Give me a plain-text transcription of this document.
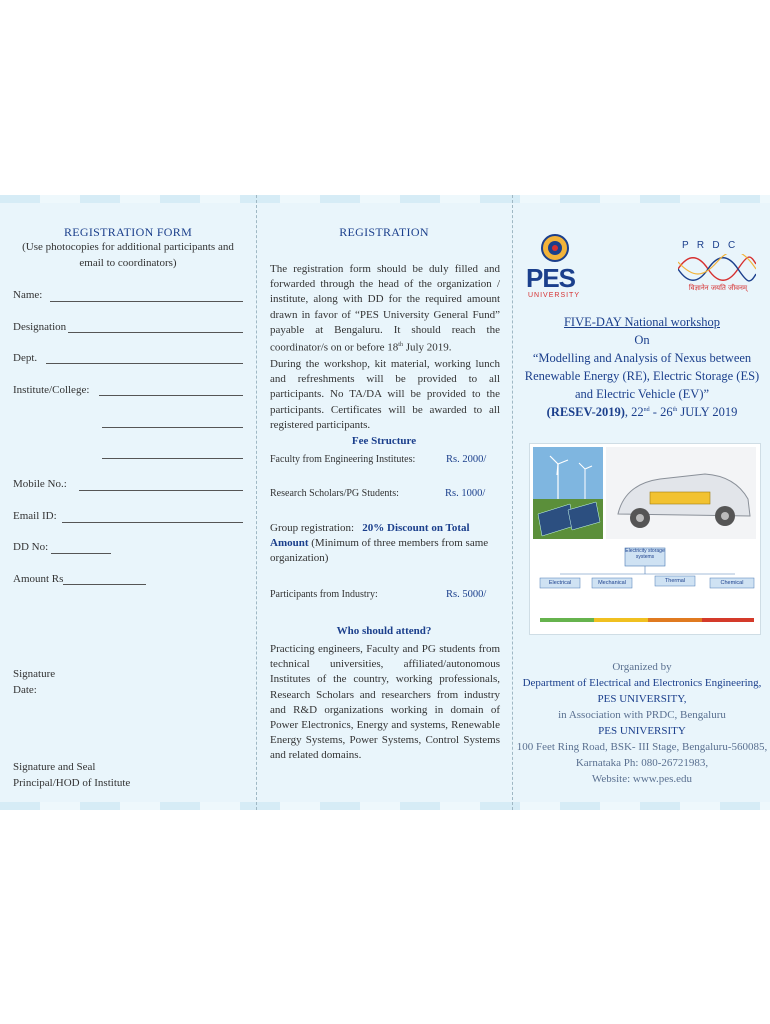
REGISTRATION FORM
(Use photocopies for additional participants and
email to coordinators)
Name:
Designation
Dept.
Institute/College:
Mobile No.:
Email ID:
DD No:
Amount Rs
Signature
Date:
Signature and Seal
Principal/HOD of Institute
REGISTRATION
The registration form should be duly filled and forwarded through the head of the organization / institute, along with DD for the required amount drawn in favor of “PES University General Fund” payable at Bengaluru. It should reach the coordinator/s on or before 18th July 2019.
During the workshop, kit material, working lunch and refreshments will be provided to all participants. No TA/DA will be provided to the participants. Certificates will be awarded to all registered participants.
Fee Structure
Faculty from Engineering Institutes:	Rs. 2000/
Research Scholars/PG Students:	Rs. 1000/
Group registration: 20% Discount on Total Amount (Minimum of three members from same organization)
Participants from Industry:	Rs. 5000/
Who should attend?
Practicing engineers, Faculty and PG students from technical universities, affiliated/autonomous Institutes of the country, working professionals, Research Scholars and researchers from industry and R&D organizations working in domain of Power Electronics, Energy and systems, Renewable Energy Systems, Power Systems, Control Systems and related domains.
PES
UNIVERSITY
P   R   D   C
विज्ञानेन जयति जीवनम्
FIVE-DAY National workshop
On
“Modelling and Analysis of Nexus between
Renewable Energy (RE), Electric Storage (ES)
and Electric Vehicle (EV)”
(RESEV-2019), 22nd - 26th JULY 2019
Electricity storage systems
Electrical	Mechanical	Thermal	Chemical
Organized by
Department of Electrical and Electronics Engineering,
PES UNIVERSITY,
in Association with PRDC, Bengaluru
PES UNIVERSITY
100 Feet Ring Road, BSK- III Stage, Bengaluru-560085,
Karnataka Ph: 080-26721983,
Website: www.pes.edu
